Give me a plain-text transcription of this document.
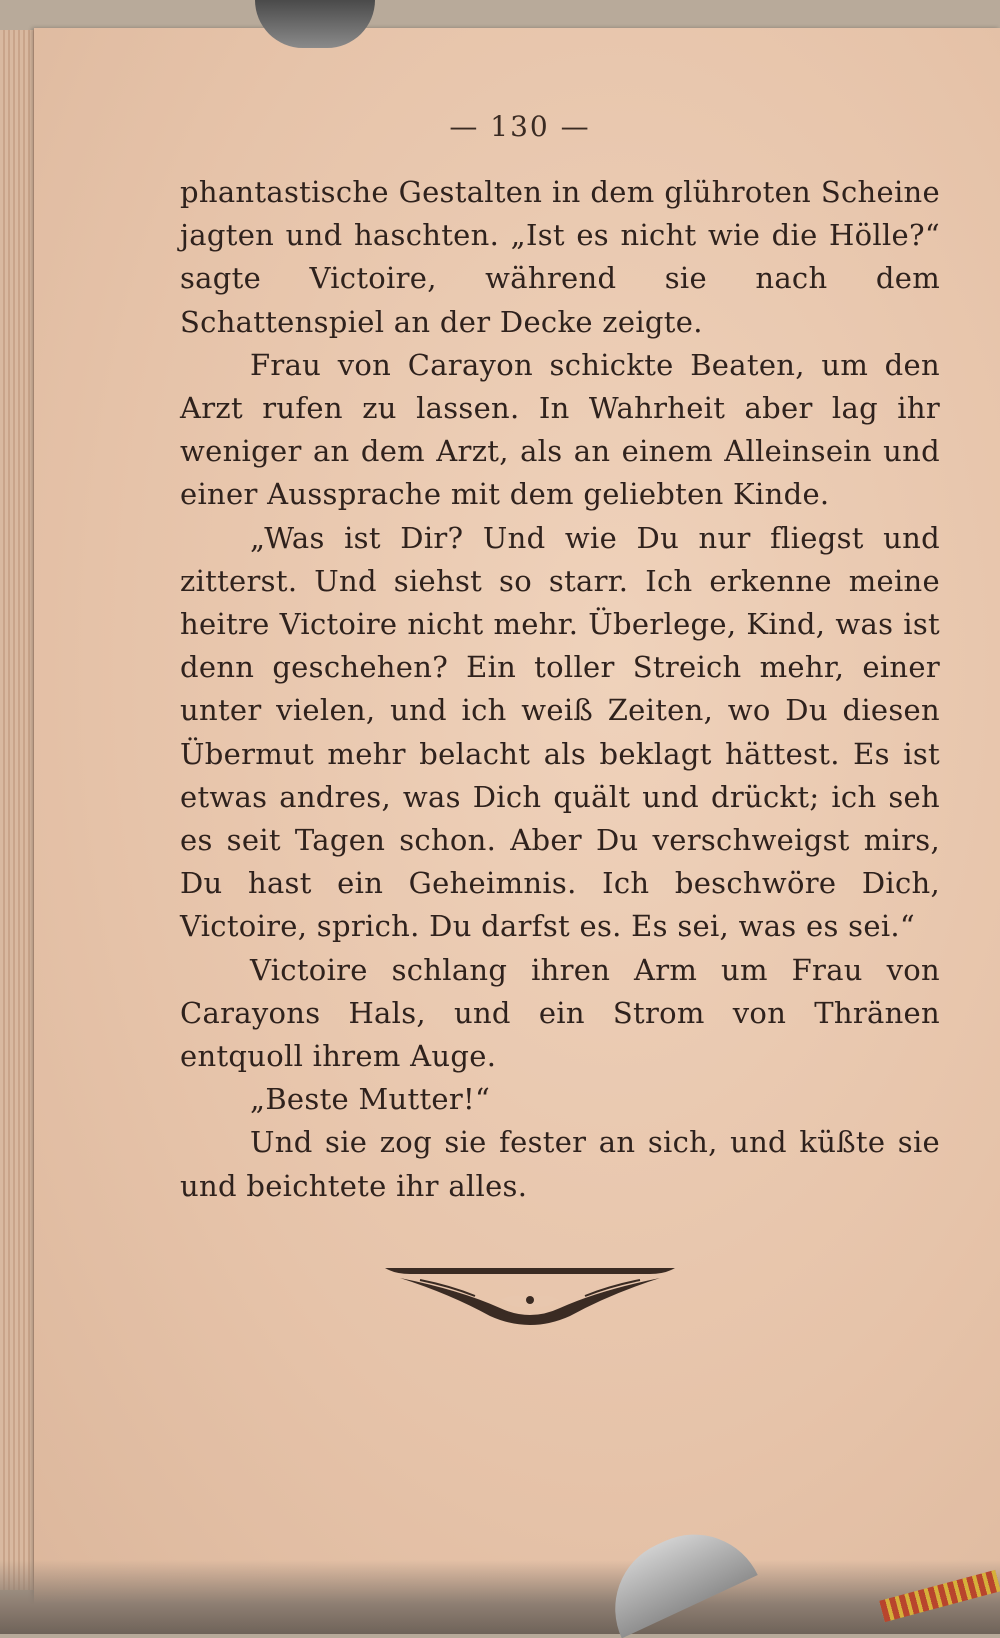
— 130 —

phantastische Gestalten in dem glühroten Scheine jagten und haschten. „Ist es nicht wie die Hölle?“ sagte Victoire, während sie nach dem Schattenspiel an der Decke zeigte.

Frau von Carayon schickte Beaten, um den Arzt rufen zu lassen. In Wahrheit aber lag ihr weniger an dem Arzt, als an einem Alleinsein und einer Aussprache mit dem geliebten Kinde.

„Was ist Dir? Und wie Du nur fliegst und zitterst. Und siehst so starr. Ich erkenne meine heitre Victoire nicht mehr. Überlege, Kind, was ist denn geschehen? Ein toller Streich mehr, einer unter vielen, und ich weiß Zeiten, wo Du diesen Übermut mehr belacht als beklagt hättest. Es ist etwas andres, was Dich quält und drückt; ich seh es seit Tagen schon. Aber Du verschweigst mirs, Du hast ein Geheimnis. Ich beschwöre Dich, Victoire, sprich. Du darfst es. Es sei, was es sei.“

Victoire schlang ihren Arm um Frau von Carayons Hals, und ein Strom von Thränen entquoll ihrem Auge.

„Beste Mutter!“

Und sie zog sie fester an sich, und küßte sie und beichtete ihr alles.
